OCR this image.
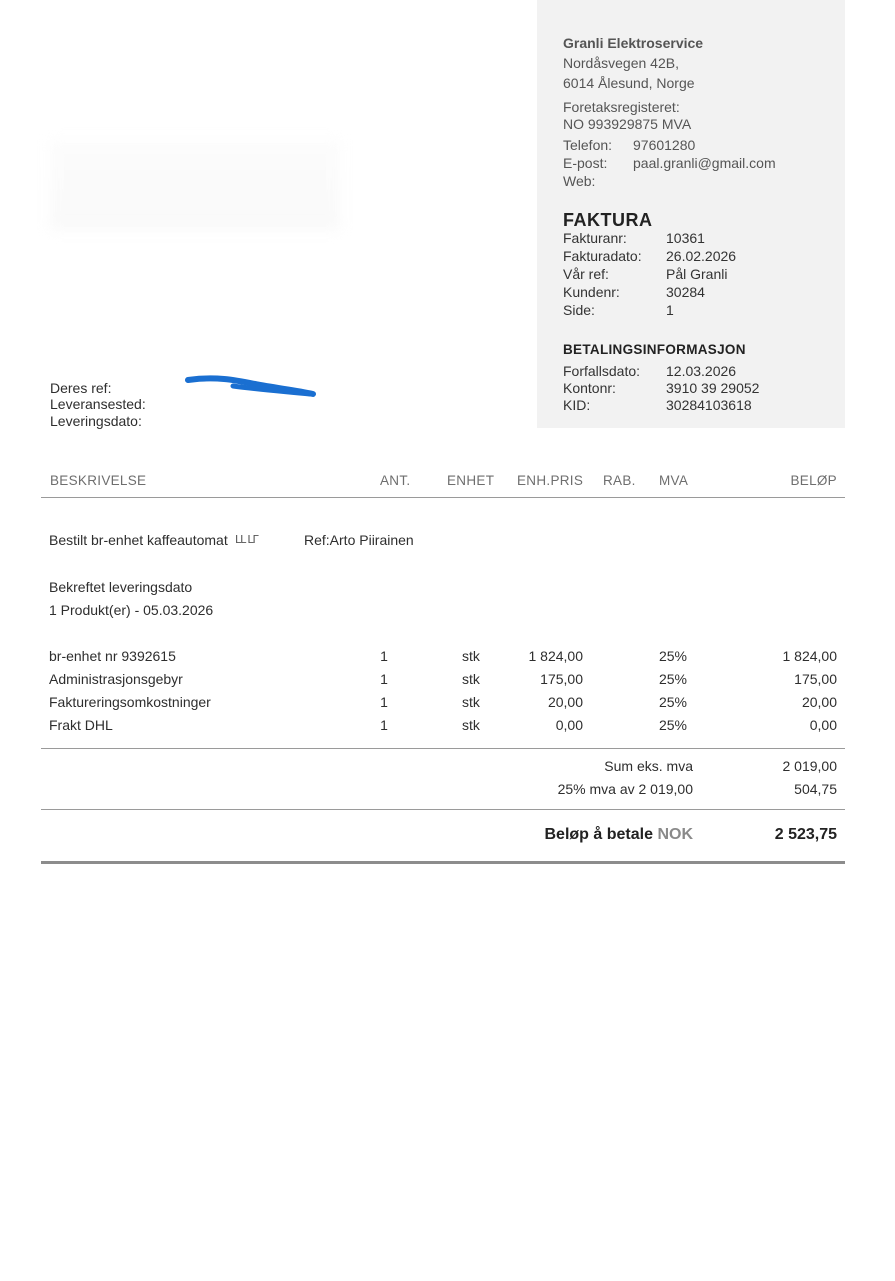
Granli Elektroservice
Nordåsvegen 42B,
6014 Ålesund, Norge
Foretaksregisteret:
NO 993929875 MVA
Telefon: 97601280
E-post: paal.granli@gmail.com
Web:
FAKTURA
Fakturanr:	10361
Fakturadato: 26.02.2026
Vår ref:	Pål Granli
Kundenr:	30284
Side:	1
BETALINGSINFORMASJON
Forfallsdato: 12.03.2026
Kontonr:	3910 39 29052
KID:	30284103618
Deres ref:
Leveransested:
Leveringsdato:
BESKRIVELSE	ANT.	ENHET ENH.PRIS RAB. MVA	BELØP
Bestilt br-enhet kaffeautomat ᒪᒪ ᒪᒥ	Ref:Arto Piirainen
Bekreftet leveringsdato
1 Produkt(er) - 05.03.2026
br-enhet nr 9392615	1	stk	1 824,00	25%	1 824,00
Administrasjonsgebyr	1	stk	175,00	25%	175,00
Faktureringsomkostninger	1	stk	20,00	25%	20,00
Frakt DHL	1	stk	0,00	25%	0,00
Sum eks. mva	2 019,00
25% mva av 2 019,00	504,75
Beløp å betale NOK	2 523,75
